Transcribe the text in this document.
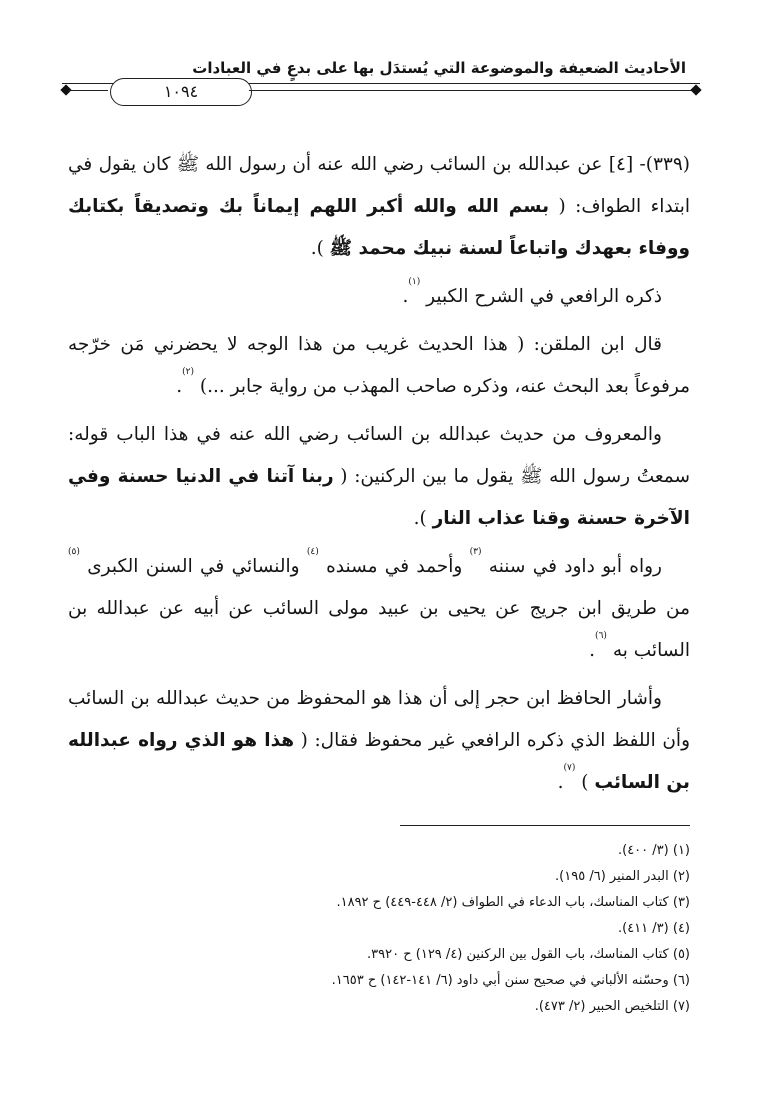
الأحاديث الضعيفة والموضوعة التي يُستدَل بها على بدعٍ في العبادات
١٠٩٤

(٣٣٩)- [٤] عن عبدالله بن السائب رضي الله عنه أن رسول الله ﷺ كان يقول في ابتداء الطواف: ( بسم الله والله أكبر اللهم إيماناً بك وتصديقاً بكتابك ووفاء بعهدك واتباعاً لسنة نبيك محمد ﷺ ).

ذكره الرافعي في الشرح الكبير $^{(١)}$.

قال ابن الملقن: ( هذا الحديث غريب من هذا الوجه لا يحضرني مَن خرّجه مرفوعاً بعد البحث عنه، وذكره صاحب المهذب من رواية جابر ...) $^{(٢)}$.

والمعروف من حديث عبدالله بن السائب رضي الله عنه في هذا الباب قوله: سمعتُ رسول الله ﷺ يقول ما بين الركنين: ( ربنا آتنا في الدنيا حسنة وفي الآخرة حسنة وقنا عذاب النار ).

رواه أبو داود في سننه $^{(٣)}$ وأحمد في مسنده $^{(٤)}$ والنسائي في السنن الكبرى $^{(٥)}$ من طريق ابن جريج عن يحيى بن عبيد مولى السائب عن أبيه عن عبدالله بن السائب به $^{(٦)}$.

وأشار الحافظ ابن حجر إلى أن هذا هو المحفوظ من حديث عبدالله بن السائب وأن اللفظ الذي ذكره الرافعي غير محفوظ فقال: ( هذا هو الذي رواه عبدالله بن السائب ) $^{(٧)}$.

(١) (٣/ ٤٠٠).
(٢) البدر المنير (٦/ ١٩٥).
(٣) كتاب المناسك، باب الدعاء في الطواف (٢/ ٤٤٨-٤٤٩) ح ١٨٩٢.
(٤) (٣/ ٤١١).
(٥) كتاب المناسك، باب القول بين الركنين (٤/ ١٢٩) ح ٣٩٢٠.
(٦) وحسّنه الألباني في صحيح سنن أبي داود (٦/ ١٤١-١٤٢) ح ١٦٥٣.
(٧) التلخيص الحبير (٢/ ٤٧٣).
